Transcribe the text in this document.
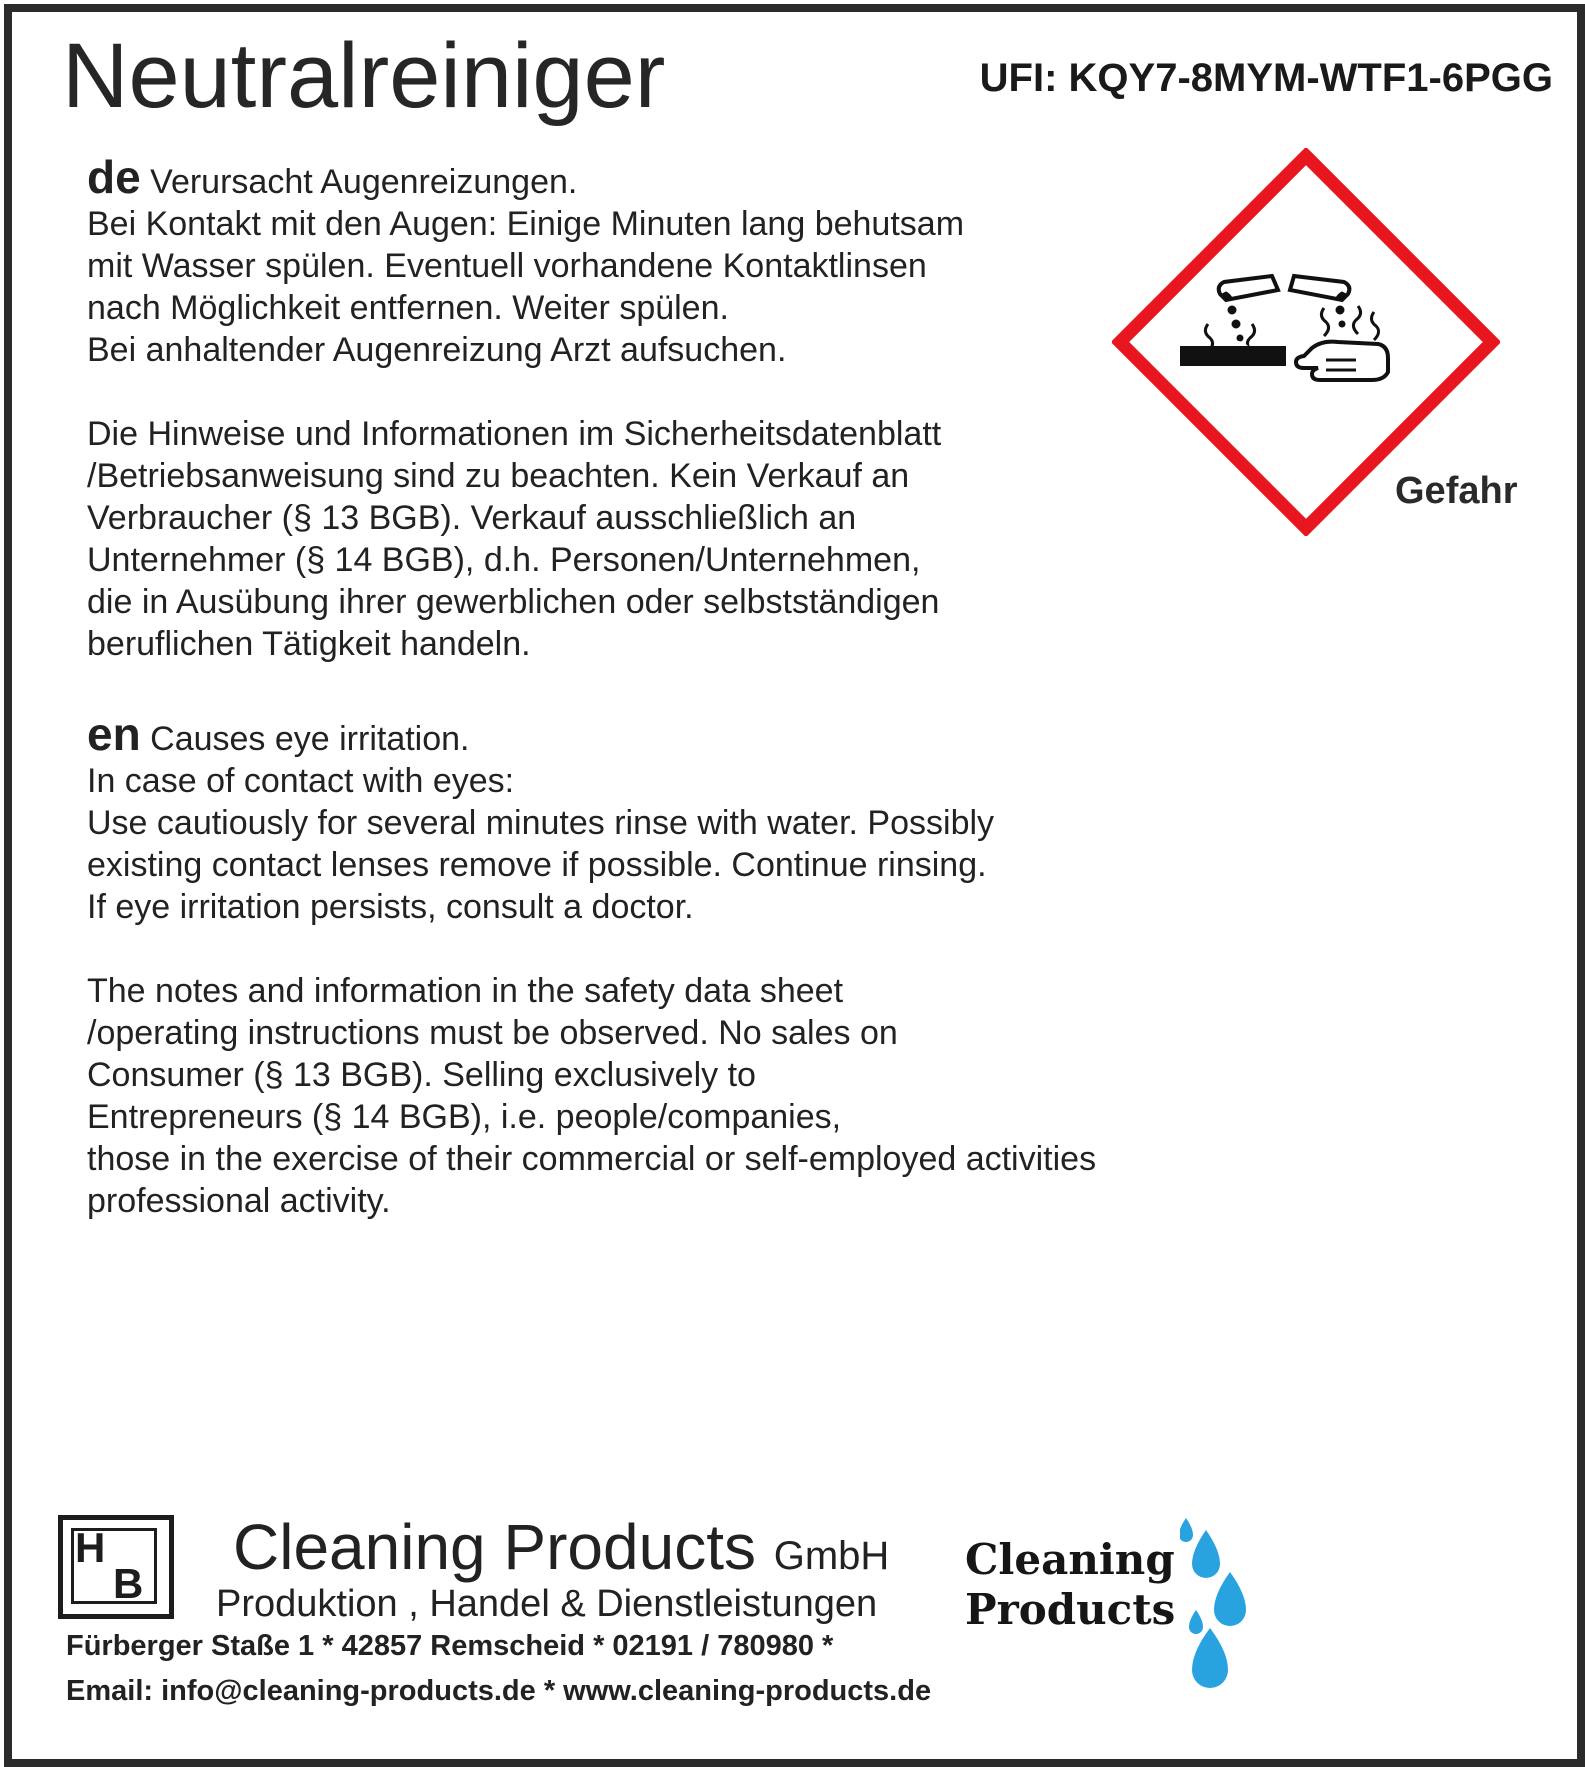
Neutralreiniger	UFI: KQY7-8MYM-WTF1-6PGG

de Verursacht Augenreizungen.

Bei Kontakt mit den Augen: Einige Minuten lang behutsam

mit Wasser spülen. Eventuell vorhandene Kontaktlinsen

nach Möglichkeit entfernen. Weiter spülen.

Bei anhaltender Augenreizung Arzt aufsuchen.

Die Hinweise und Informationen im Sicherheitsdatenblatt

/Betriebsanweisung sind zu beachten. Kein Verkauf an

Verbraucher (§ 13 BGB). Verkauf ausschließlich an

Unternehmer (§ 14 BGB), d.h. Personen/Unternehmen,

die in Ausübung ihrer gewerblichen oder selbstständigen

beruflichen Tätigkeit handeln.

en Causes eye irritation.

In case of contact with eyes:

Use cautiously for several minutes rinse with water. Possibly

existing contact lenses remove if possible. Continue rinsing.

If eye irritation persists, consult a doctor.

The notes and information in the safety data sheet

/operating instructions must be observed. No sales on

Consumer (§ 13 BGB). Selling exclusively to

Entrepreneurs (§ 14 BGB), i.e. people/companies,

those in the exercise of their commercial or self-employed activities

professional activity.

Gefahr
H
B
Cleaning Products GmbH
Produktion , Handel & Dienstleistungen
Fürberger Staße 1 * 42857 Remscheid * 02191 / 780980 *
Email: info@cleaning-products.de * www.cleaning-products.de
Cleaning
Products
